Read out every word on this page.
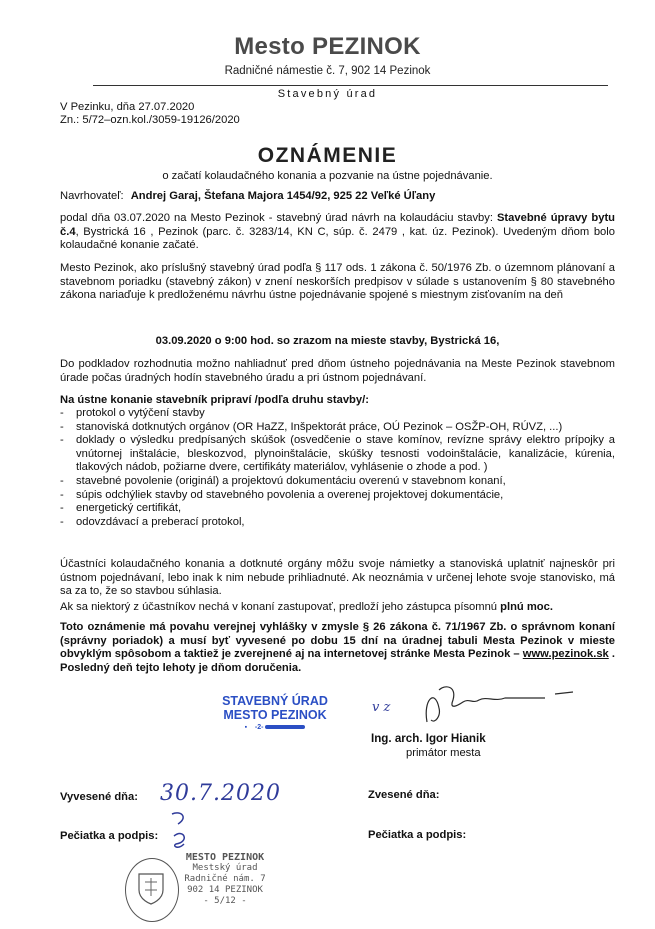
Mesto PEZINOK
Radničné námestie č. 7, 902 14 Pezinok
Stavebný úrad
V Pezinku, dňa 27.07.2020
Zn.: 5/72–ozn.kol./3059-19126/2020
OZNÁMENIE
o začatí kolaudačného konania a pozvanie na ústne pojednávanie.
Navrhovateľ: Andrej Garaj, Štefana Majora 1454/92, 925 22 Veľké Úľany
podal dňa 03.07.2020 na Mesto Pezinok - stavebný úrad návrh na kolaudáciu stavby: Stavebné úpravy bytu č.4, Bystrická 16 , Pezinok (parc. č. 3283/14, KN C, súp. č. 2479 , kat. úz. Pezinok). Uvedeným dňom bolo kolaudačné konanie začaté.
Mesto Pezinok, ako príslušný stavebný úrad podľa § 117 ods. 1 zákona č. 50/1976 Zb. o územnom plánovaní a stavebnom poriadku (stavebný zákon) v znení neskorších predpisov v súlade s ustanovením § 80 stavebného zákona nariaďuje k predloženému návrhu ústne pojednávanie spojené s miestnym zisťovaním na deň
03.09.2020 o 9:00 hod. so zrazom na mieste stavby, Bystrická 16,
Do podkladov rozhodnutia možno nahliadnuť pred dňom ústneho pojednávania na Meste Pezinok stavebnom úrade počas úradných hodín stavebného úradu a pri ústnom pojednávaní.
Na ústne konanie stavebník pripraví /podľa druhu stavby/:
- protokol o vytýčení stavby
- stanoviská dotknutých orgánov (OR HaZZ, Inšpektorát práce, OÚ Pezinok – OSŽP-OH, RÚVZ, ...)
- doklady o výsledku predpísaných skúšok (osvedčenie o stave komínov, revízne správy elektro prípojky a vnútornej inštalácie, bleskozvod, plynoinštalácie, skúšky tesnosti vodoinštalácie, kanalizácie, kúrenia, tlakových nádob, požiarne dvere, certifikáty materiálov, vyhlásenie o zhode a pod. )
- stavebné povolenie (originál) a projektovú dokumentáciu overenú v stavebnom konaní,
- súpis odchýliek stavby od stavebného povolenia a overenej projektovej dokumentácie,
- energetický certifikát,
- odovzdávací a preberací protokol,
Účastníci kolaudačného konania a dotknuté orgány môžu svoje námietky a stanoviská uplatniť najneskôr pri ústnom pojednávaní, lebo inak k nim nebude prihliadnuté. Ak neoznámia v určenej lehote svoje stanovisko, má sa za to, že so stavbou súhlasia.
Ak sa niektorý z účastníkov nechá v konaní zastupovať, predloží jeho zástupca písomnú plnú moc.
Toto oznámenie má povahu verejnej vyhlášky v zmysle § 26 zákona č. 71/1967 Zb. o správnom konaní (správny poriadok) a musí byť vyvesené po dobu 15 dní na úradnej tabuli Mesta Pezinok v mieste obvyklým spôsobom a taktiež je zverejnené aj na internetovej stránke Mesta Pezinok – www.pezinok.sk . Posledný deň tejto lehoty je dňom doručenia.
STAVEBNÝ ÚRAD
MESTO PEZINOK
▪ -2-
v z
Ing. arch. Igor Hianik
primátor mesta
Vyvesené dňa: 30.7.2020	Zvesené dňa:
Pečiatka a podpis:	Pečiatka a podpis:
MESTO PEZINOK
Mestský úrad
Radničné nám. 7
902 14 PEZINOK
- 5/12 -
